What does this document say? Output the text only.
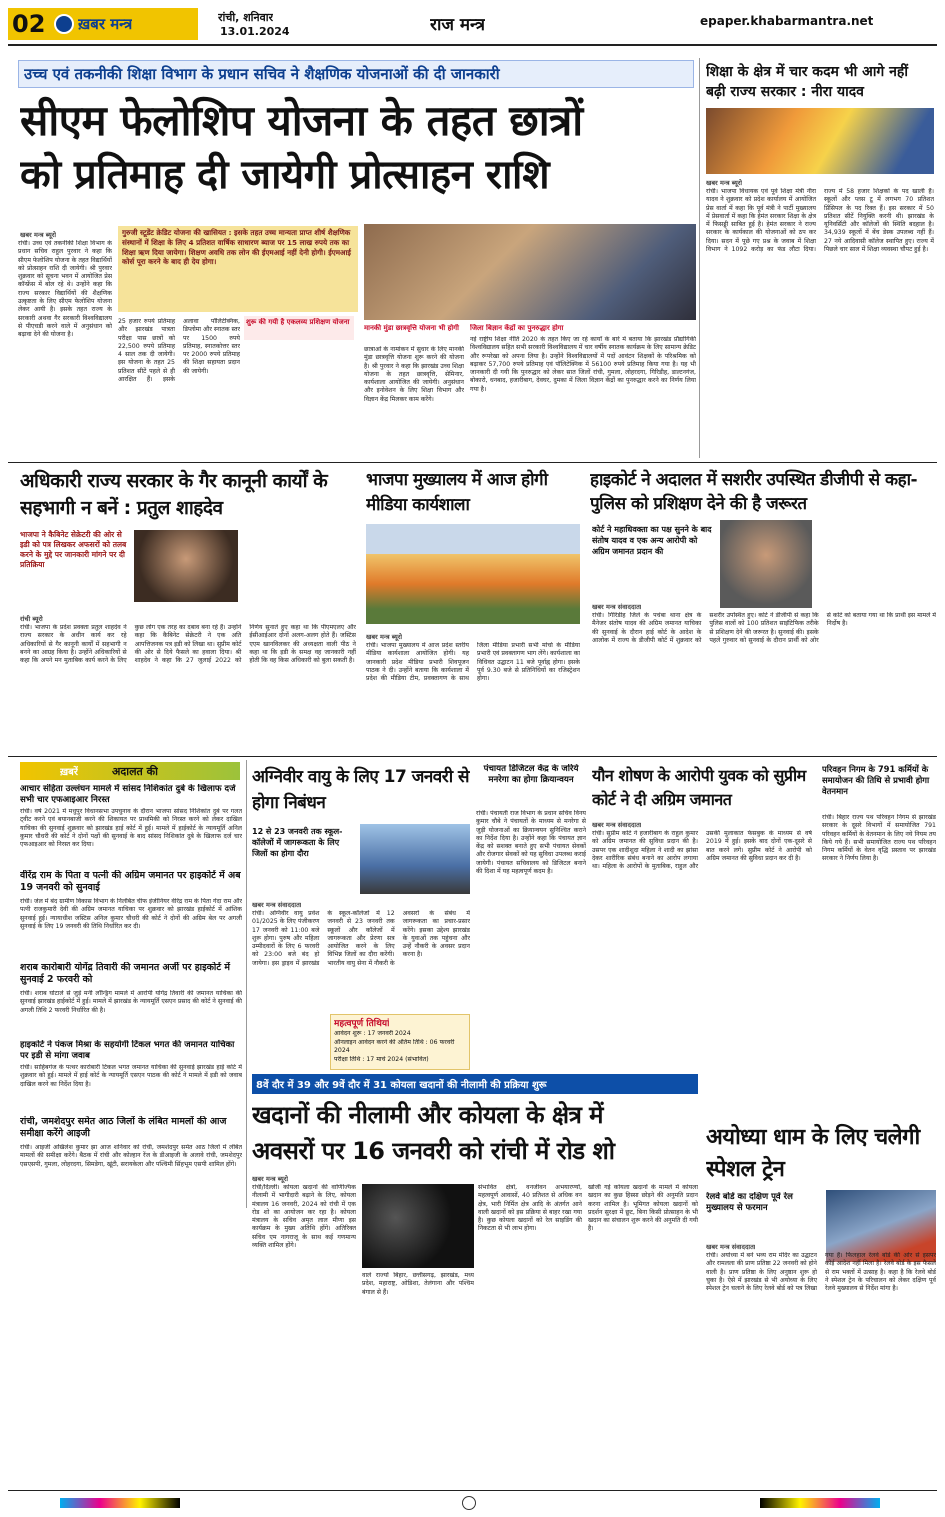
02 ख़बर मन्त्र	रांची, शनिवार
13.01.2024	राज मन्त्र	epaper.khabarmantra.net
उच्च एवं तकनीकी शिक्षा विभाग के प्रधान सचिव ने शैक्षणिक योजनाओं की दी जानकारी
सीएम फेलोशिप योजना के तहत छात्रों
को प्रतिमाह दी जायेगी प्रोत्साहन राशि
खबर मन्त्र ब्यूरो
रांची। उच्च एवं तकनीकी शिक्षा विभाग के प्रधान सचिव राहुल पुरवार ने कहा कि सीएम फेलोशिप योजना के तहत विद्यार्थियों को प्रोत्साहन राशि दी जायेगी। श्री पुरवार शुक्रवार को सूचना भवन में आयोजित प्रेस कॉन्फ्रेंस में बोल रहे थे। उन्होंने कहा कि राज्य सरकार विद्यार्थियों की शैक्षणिक उत्कृष्टता के लिए सीएम फेलोशिप योजना लेकर आयी है। इसके तहत राज्य के सरकारी अथवा गैर सरकारी विश्वविद्यालय से पीएचडी करने वाले में अनुसंधान को बढ़ावा देने की योजना है।
गुरुजी स्टूडेंट क्रेडिट योजना की खासियत : इसके तहत उच्च मान्यता प्राप्त शीर्ष शैक्षणिक संस्थानों में शिक्षा के लिए 4 प्रतिशत वार्षिक साधारण ब्याज पर 15 लाख रुपये तक का शिक्षा ऋण दिया जायेगा। शिक्षण अवधि तक लोन की ईएमआई नहीं देनी होगी। ईएमआई कोर्स पूरा करने के बाद ही देय होगा।
25 हजार रुपये प्रतिमाह और झारखंड पात्रता परीक्षा पास छात्रों को 22,500 रुपये प्रतिमाह 4 साल तक दी जायेगी। इस योजना के तहत 25 प्रतिशत सीटें पहले से ही आरक्षित हैं। इसके अलावा पॉलिटेक्निक, डिप्लोमा और स्नातक स्तर पर 1500 रुपये प्रतिमाह, स्नातकोत्तर स्तर पर 2000 रुपये प्रतिमाह की शिक्षा सहायता प्रदान की जायेगी।
शुरू की गयी है एकलव्य प्रशिक्षण योजना
मानकी मुंडा छात्रवृत्ति योजना भी होगी
छात्राओं के नामांकन में सुधार के लिए मानकी मुंडा छात्रवृत्ति योजना शुरू करने की योजना है। श्री पुरवार ने कहा कि झारखंड उच्च शिक्षा योजना के तहत छात्रवृत्ति, सेमिनार, कार्यशाला आयोजित की जायेगी। अनुसंधान और इनोवेशन के लिए शिक्षा विभाग और विज्ञान केंद्र मिलकर काम करेंगे।
जिला बिज्ञान केंद्रों का पुनरुद्धार होगा
नई राष्ट्रीय शिक्षा नीति 2020 के तहत किए जा रहे कार्यों के बारे में बताया कि झारखंड प्रौद्योगिकी विश्वविद्यालय सहित सभी सरकारी विश्वविद्यालय में चार वर्षीय स्नातक कार्यक्रम के लिए सामान्य क्रेडिट और रूपरेखा को अपना लिया है। उन्होंने विश्वविद्यालयों में पदों आवंटन शिक्षकों के परिश्रमिक को बढ़ाकर 57,700 रुपये प्रतिमाह एवं पॉलिटेक्निक में 56100 रुपये प्रतिमाह किया गया है। यह भी जानकारी दी गयी कि पुनरुद्धार को लेकर सात जिलों रांची, गुमला, लोहरदगा, गिरिडीह, डाल्टनगंज, बोकारो, धनबाद, हजारीबाग, देवघर, दुमका में जिला विज्ञान केंद्रों का पुनरुद्धार करने का निर्णय लिया गया है।
शिक्षा के क्षेत्र में चार कदम भी आगे नहीं बढ़ी राज्य सरकार : नीरा यादव
खबर मन्त्र ब्यूरो
रांची। भाजपा विधायक एवं पूर्व शिक्षा मंत्री नीरा यादव ने शुक्रवार को प्रदेश कार्यालय में आयोजित प्रेस वार्ता में कहा कि पूर्व मंत्री ने पार्टी मुख्यालय में प्रेसवार्ता में कहा कि हेमंत सरकार शिक्षा के क्षेत्र में फिसड्डी साबित हुई है। हेमंत सरकार ने राज्य सरकार के कार्यकाल की योजनाओं को ठप कर दिया। सदन में पूछे गए प्रश्न के जवाब में शिक्षा विभाग ने 1092 करोड़ का फंड लौटा दिया। राज्य में 58 हजार शिक्षकों के पद खाली हैं। स्कूलों और प्लस टू में लगभग 70 प्रतिशत प्रिंसिपल के पद रिक्त हैं। इस सरकार में 50 प्रतिशत सीटें नियुक्ति करनी थी। झारखंड के यूनिवर्सिटी और कॉलेजों की स्थिति बदहाल है। 34,939 स्कूलों में बेंच डेस्क उपलब्ध नहीं हैं। 27 नये आदिवासी कॉलेज स्थापित हुए। राज्य में पिछले चार साल में शिक्षा व्यवस्था चौपट हुई है।
अधिकारी राज्य सरकार के गैर कानूनी कार्यों के सहभागी न बनें : प्रतुल शाहदेव
भाजपा ने कैबिनेट सेक्रेटरी की ओर से इडी को पत्र लिखकर अफसरों को तलब करने के मुद्दे पर जानकारी मांगने पर दी प्रतिक्रिया
रांची ब्यूरो
रांची। भाजपा के प्रदेश प्रवक्ता प्रतुल शाहदेव ने राज्य सरकार के अधीन कार्य कर रहे अधिकारियों से गैर कानूनी कार्यों में सहभागी न बनने का आग्रह किया है। उन्होंने अधिकारियों से कहा कि अपने मन मुताबिक कार्य करने के लिए कुछ लोग एक तरह का दबाव बना रहे हैं। उन्होंने कहा कि कैबिनेट सेक्रेटरी ने एक अति आपत्तिजनक पत्र इडी को लिखा था। सुप्रीम कोर्ट की ओर से दिये फैसले का हवाला दिया। श्री शाहदेव ने कहा कि 27 जुलाई 2022 को निर्णय सुनाते हुए कहा था कि पीएमएलए और ईसीआईआर दोनों अलग-अलग होते हैं। जस्टिस एएम खानविलकर की अध्यक्षता वाली पीठ ने कहा था कि इडी के समक्ष वह जानकारी नहीं होती कि वह किस अधिकारी को बुला सकती है।
भाजपा मुख्यालय में आज होगी मीडिया कार्यशाला
खबर मन्त्र ब्यूरो
रांची। भाजपा मुख्यालय में आज प्रदेश स्तरीय मीडिया कार्यशाला आयोजित होगी। यह जानकारी प्रदेश मीडिया प्रभारी शिवपूजन पाठक ने दी। उन्होंने बताया कि कार्यशाला में प्रदेश की मीडिया टीम, प्रवक्तागण के साथ जिला मीडिया प्रभारी सभी मोर्चा के मीडिया प्रभारी एवं प्रवक्तागण भाग लेंगे। कार्यशाला का विधिवत उद्घाटन 11 बजे पूर्वाह्न होगा। इसके पूर्व 9.30 बजे से प्रतिनिधियों का रजिस्ट्रेशन होगा।
हाइकोर्ट ने अदालत में सशरीर उपस्थित डीजीपी से कहा- पुलिस को प्रशिक्षण देने की है जरूरत
कोर्ट ने महाधिवक्ता का पक्ष सुनने के बाद संतोष यादव व एक अन्य आरोपी को अग्रिम जमानत प्रदान की
खबर मन्त्र संवाददाता
रांची। गिरिडीह जिले के पचंबा थाना क्षेत्र के मैनेजर संतोष यादव की अग्रिम जमानत याचिका की सुनवाई के दौरान हाई कोर्ट के आदेश के आलोक में राज्य के डीजीपी कोर्ट में शुक्रवार को सशरीर उपस्थित हुए। कोर्ट ने डीजीपी से कहा कि पुलिस वालों को 100 प्रतिशत साइंटिफिक तरीके से प्रशिक्षण देने की जरूरत है। सुनवाई की। इसके पहले गुरुवार को सुनवाई के दौरान प्रार्थी को ओर से कोर्ट को बताया गया था कि प्रार्थी इस मामले में निर्दोष है।
ख़बरें	अदालत की
आचार संहिता उल्लंघन मामले में सांसद निशिकांत दुबे के खिलाफ दर्ज सभी चार एफआइआर निरस्त
रांची। वर्ष 2021 में मधुपुर विधानसभा उपचुनाव के दौरान भाजपा सांसद निशिकांत दुबे पर गलत ट्वीट करने एवं बयानबाजी करने की शिकायत पर प्राथमिकी को निरस्त करने को लेकर दाखिल याचिका की सुनवाई शुक्रवार को झारखंड हाई कोर्ट में हुई। मामले में हाईकोर्ट के न्यायमूर्ति अनिल कुमार चौधरी की कोर्ट ने दोनों पक्षों की सुनवाई के बाद सांसद निशिकांत दुबे के खिलाफ दर्ज चार एफआइआर को निरस्त कर दिया।
वीरेंद्र राम के पिता व पत्नी की अग्रिम जमानत पर हाइकोर्ट में अब 19 जनवरी को सुनवाई
रांची। जेल में बंद ग्रामीण विकास विभाग के निलंबित चीफ इंजीनियर वीरेंद्र राम के पिता गेंदा राम और पत्नी राजकुमारी देवी की अग्रिम जमानत याचिका पर शुक्रवार को झारखंड हाईकोर्ट में आंशिक सुनवाई हुई। न्यायाधीश जस्टिस अनिल कुमार चौधरी की कोर्ट ने दोनों की अग्रिम बेल पर अगली सुनवाई के लिए 19 जनवरी की तिथि निर्धारित कर दी।
शराब कारोबारी योगेंद्र तिवारी की जमानत अर्जी पर हाइकोर्ट में सुनवाई 2 फरवरी को
रांची। शराब घोटाले से जुड़े मनी लॉन्ड्रिंग मामले में आरोपी योगेंद्र तिवारी की जमानत याचिका की सुनवाई झारखंड हाईकोर्ट में हुई। मामले में झारखंड के न्यायमूर्ति एसएन प्रसाद की कोर्ट ने सुनवाई की अगली तिथि 2 फरवरी निर्धारित की है।
हाइकोर्ट ने पंकज मिश्रा के सहयोगी टिंकल भगत की जमानत याचिका पर इडी से मांगा जवाब
रांची। साहिबगंज के पत्थर कारोबारी टिंकल भगत जमानत याचिका की सुनवाई झारखंड हाई कोर्ट में शुक्रवार को हुई। मामले में हाई कोर्ट के न्यायमूर्ति एसएन पाठक की कोर्ट ने मामले में इडी को जवाब दाखिल करने का निर्देश दिया है।
रांची, जमशेदपुर समेत आठ जिलों के लंबित मामलों की आज समीक्षा करेंगे आइजी
रांची। आइजी अखिलेश कुमार झा आज शनिवार को रांची, जमशेदपुर समेत आठ जिलों में लंबित मामलों की समीक्षा करेंगे। बैठक में रांची और कोल्हान रेंज के डीआइजी के अलावे रांची, जमशेदपुर एसएसपी, गुमला, लोहरदगा, सिमडेगा, खूंटी, सरायकेला और पश्चिमी सिंहभूम एसपी शामिल होंगे।
अग्निवीर वायु के लिए 17 जनवरी से होगा निबंधन
12 से 23 जनवरी तक स्कूल-कॉलेजों में जागरूकता के लिए जिलों का होगा दौरा
खबर मन्त्र संवाददाता
रांची। अग्निवीर वायु प्रवेश 01/2025 के लिए पंजीकरण 17 जनवरी को 11:00 बजे शुरू होगा। पुरुष और महिला उम्मीदवारों के लिए 6 फरवरी को 23:00 बजे बंद हो जायेगा। इस ड्राइव में झारखंड के स्कूल-कॉलेजों में 12 जनवरी से 23 जनवरी तक स्कूलों और कॉलेजों में जागरूकता और प्रेरणा सत्र आयोजित करने के लिए विभिन्न जिलों का दौरा करेंगी। भारतीय वायु सेना में नौकरी के अवसरों के संबंध में जागरूकता का प्रचार-प्रसार करेंगे। इसका उद्देश्य झारखंड के युवाओं तक पहुंचना और उन्हें नौकरी के अवसर प्रदान करना है।
महत्वपूर्ण तिथियां
आवेदन शुरू : 17 जनवरी 2024
ऑनलाइन आवेदन करने की अंतिम तिथि : 06 फरवरी 2024
परीक्षा तिथि : 17 मार्च 2024 (संभावित)
पंचायत डिजिटल केंद्र के जरिये मनरेगा का होगा क्रियान्वयन
रांची। पंचायती राज विभाग के प्रधान सचिव विनय कुमार चौबे ने पंचायतों के माध्यम से मनरेगा से जुड़ी योजनाओं का क्रियान्वयन सुनिश्चित कराने का निर्देश दिया है। उन्होंने कहा कि पंचायत ज्ञान केंद्र को सशक्त बनाते हुए सभी पंचायत सेवकों और रोजगार सेवकों को यह सुविधा उपलब्ध कराई जायेगी। पंचायत सचिवालय को डिजिटल बनाने की दिशा में यह महत्वपूर्ण कदम है।
यौन शोषण के आरोपी युवक को सुप्रीम कोर्ट ने दी अग्रिम जमानत
खबर मन्त्र संवाददाता
रांची। सुप्रीम कोर्ट ने हजारीबाग के राहुल कुमार को अग्रिम जमानत की सुविधा प्रदान की है। उसपर एक शादीशुदा महिला ने शादी का झांसा देकर शारीरिक संबंध बनाने का आरोप लगाया था। महिला के आरोपों के मुताबिक, राहुल और उसकी मुलाकात फेसबुक के माध्यम से वर्ष 2019 में हुई। इसके बाद दोनों एक-दूसरे से बात करने लगे। सुप्रीम कोर्ट ने आरोपी को अग्रिम जमानत की सुविधा प्रदान कर दी है।
परिवहन निगम के 791 कर्मियों के समायोजन की तिथि से प्रभावी होगा वेतनमान
रांची। बिहार राज्य पथ परिवहन निगम से झारखंड सरकार के दूसरे विभागों में समायोजित 791 परिवहन कर्मियों के वेतनमान के लिए नये नियम तय किये गये हैं। सभी समायोजित राज्य पथ परिवहन निगम कर्मियों के वेतन वृद्धि प्रस्ताव पर झारखंड सरकार ने निर्णय लिया है।
8वें दौर में 39 और 9वें दौर में 31 कोयला खदानों की नीलामी की प्रक्रिया शुरू
खदानों की नीलामी और कोयला के क्षेत्र में
अवसरों पर 16 जनवरी को रांची में रोड शो
खबर मन्त्र ब्यूरो
रांची/दिल्ली। कोयला खदानों की वाणिज्यिक नीलामी में भागीदारी बढ़ाने के लिए, कोयला मंत्रालय 16 जनवरी, 2024 को रांची में एक रोड शो का आयोजन कर रहा है। कोयला मंत्रालय के सचिव अमृत लाल मीणा इस कार्यक्रम के मुख्य अतिथि होंगे। अतिरिक्त सचिव एम नागराजू के साथ कई गणमान्य व्यक्ति शामिल होंगे।
वाले राज्यों बिहार, छत्तीसगढ़, झारखंड, मध्य प्रदेश, महाराष्ट्र, ओडिशा, तेलंगाना और पश्चिम बंगाल से हैं।
संभावित क्षेत्रों, वनजीवन अभयारण्यों, महत्वपूर्ण आवासों, 40 प्रतिशत से अधिक वन क्षेत्र, भारी निर्मित क्षेत्र आदि के अंतर्गत आने वाली खदानों को इस प्रक्रिया से बाहर रखा गया है। कुछ कोयला खदानों को रेल साइडिंग की निकटता से भी लाभ होगा।
खोजी गई कोयला खदानों के मामले में कोयला खदान का कुछ हिस्सा छोड़ने की अनुमति प्रदान करना शामिल है। भूमिगत कोयला खदानों को प्रदर्शन सुरक्षा में छूट, बिना किसी प्रोत्साहन के भी खदान का संचालन शुरू करने की अनुमति दी गयी है।
अयोध्या धाम के लिए चलेगी स्पेशल ट्रेन
रेलवे बोर्ड का दक्षिण पूर्व रेल मुख्यालय से फरमान
खबर मन्त्र संवाददाता
रांची। अयोध्या में बने भव्य राम मंदिर का उद्घाटन और रामलला की प्राण प्रतिष्ठा 22 जनवरी को होने वाली है। प्राण प्रतिष्ठा के लिए अनुष्ठान शुरू हो चुका है। ऐसे में झारखंड से भी अयोध्या के लिए स्पेशल ट्रेन चलाने के लिए रेलवे बोर्ड को पत्र लिखा गया है। फिलहाल रेलवे बोर्ड की ओर से इसपर कोई आदेश नहीं मिला है। रेलवे बोर्ड के इस फैसले से राम भक्तों में उत्साह है। कहा है कि रेलवे बोर्ड ने स्पेशल ट्रेन के परिचालन को लेकर दक्षिण पूर्व रेलवे मुख्यालय से निर्देश मांगा है।
